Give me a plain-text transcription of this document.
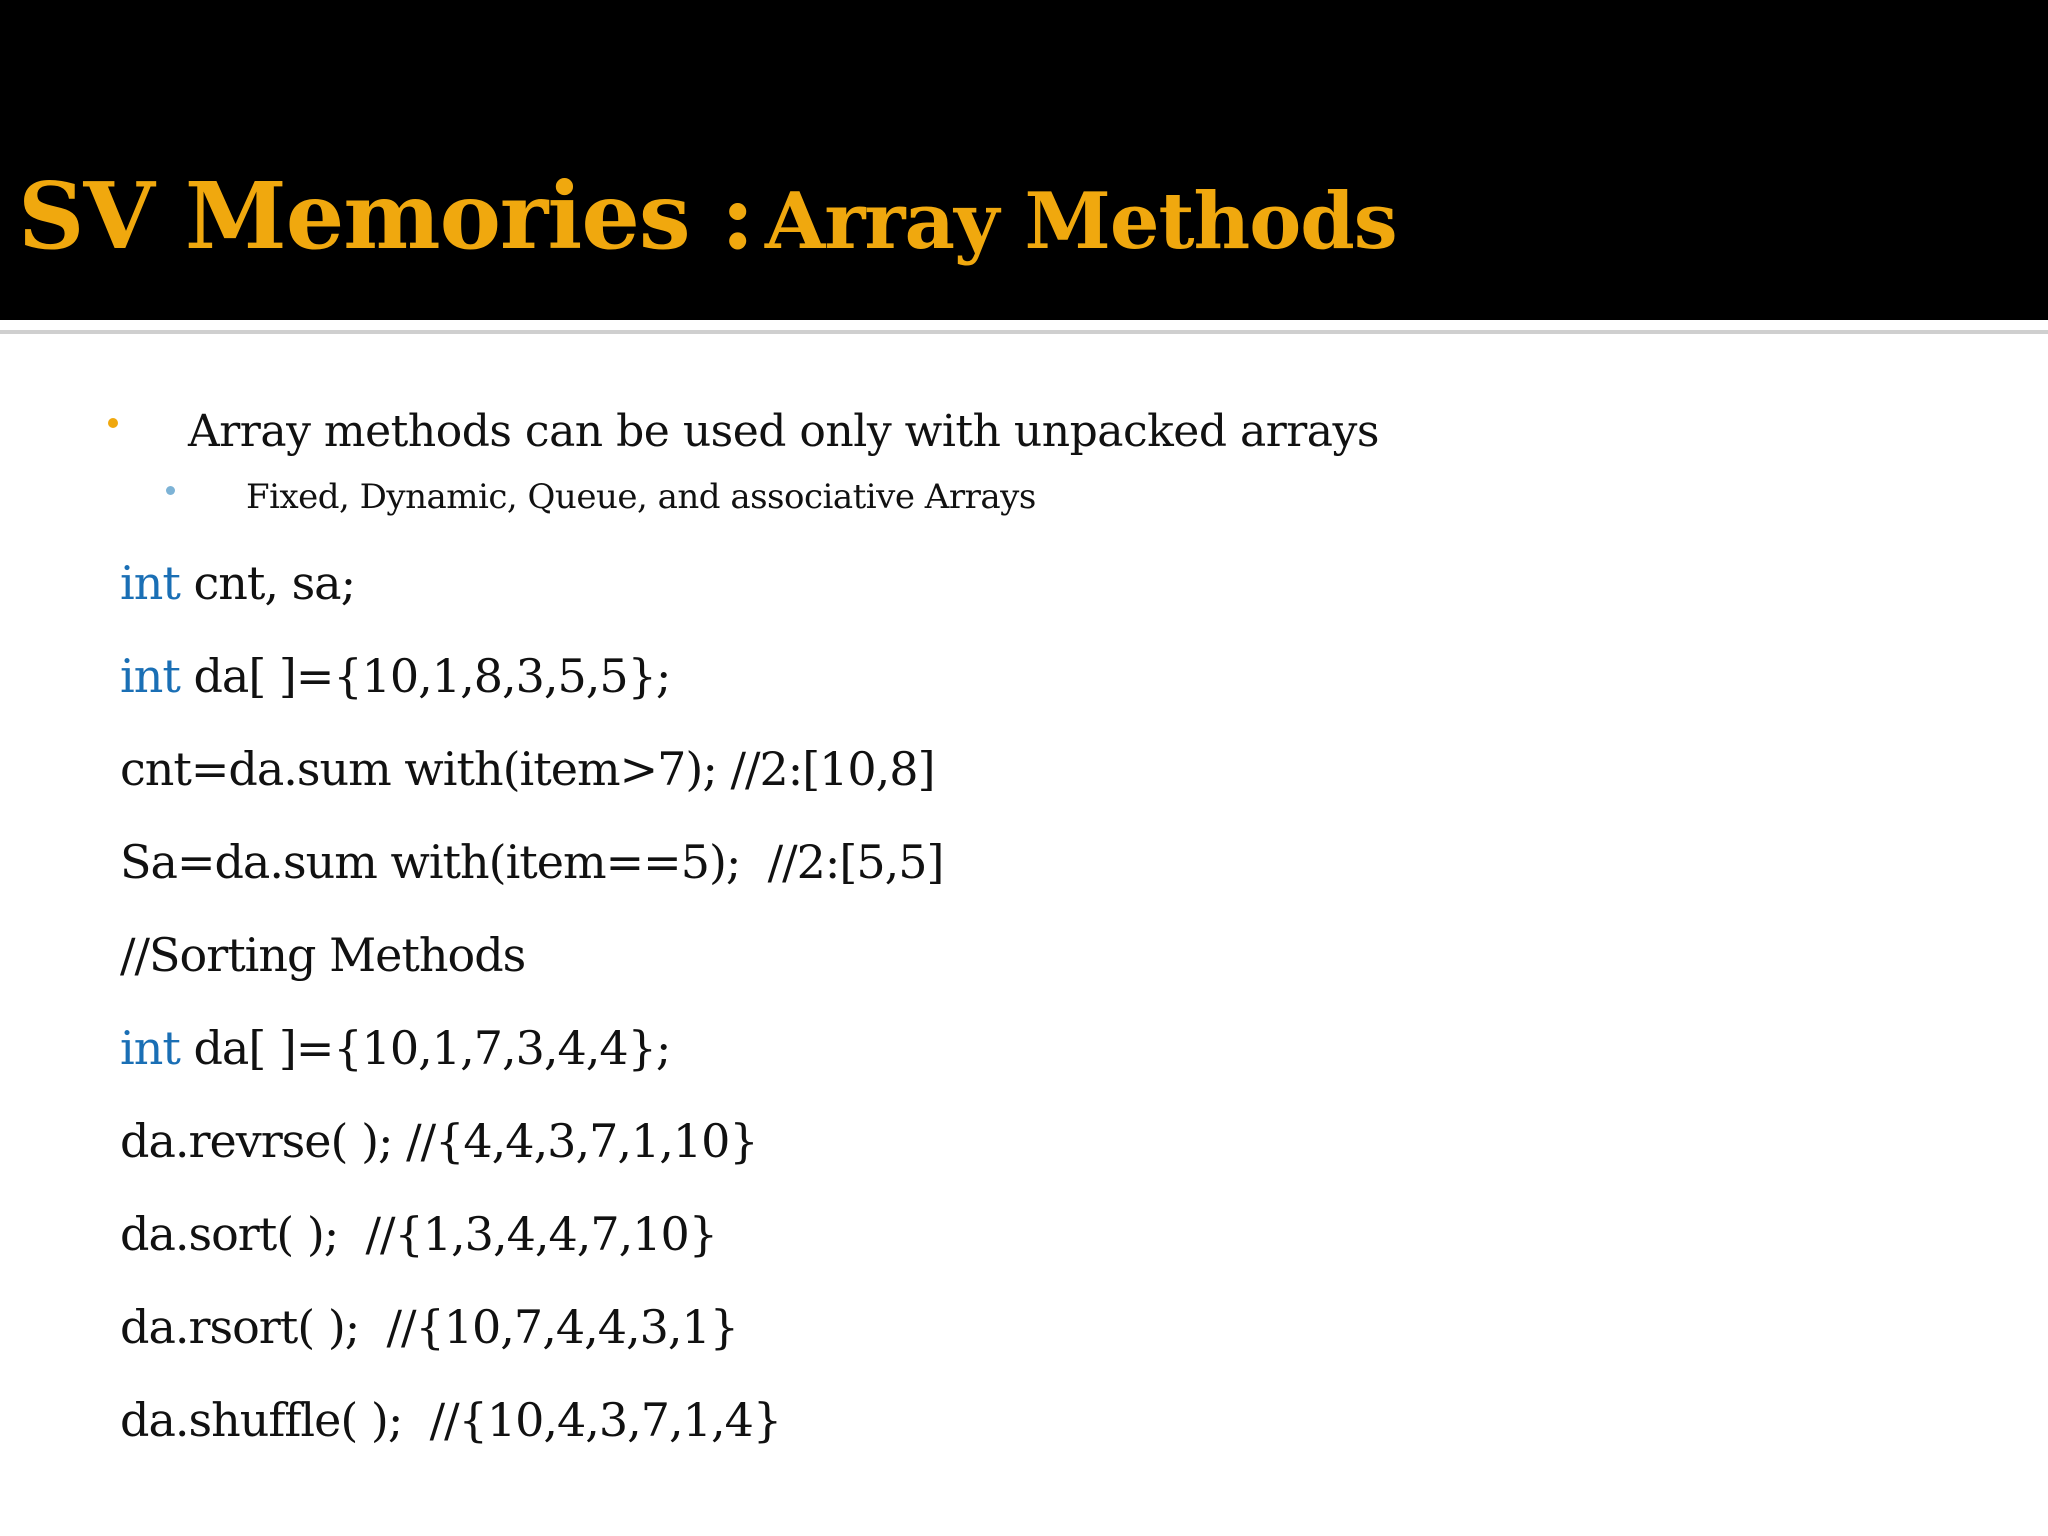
SV Memories : Array Methods
Array methods can be used only with unpacked arrays
Fixed, Dynamic, Queue, and associative Arrays
int cnt, sa;
int da[ ]={10,1,8,3,5,5};
cnt=da.sum with(item>7); //2:[10,8]
Sa=da.sum with(item==5);  //2:[5,5]
//Sorting Methods
int da[ ]={10,1,7,3,4,4};
da.revrse( ); //{4,4,3,7,1,10}
da.sort( );  //{1,3,4,4,7,10}
da.rsort( );  //{10,7,4,4,3,1}
da.shuffle( );  //{10,4,3,7,1,4}
